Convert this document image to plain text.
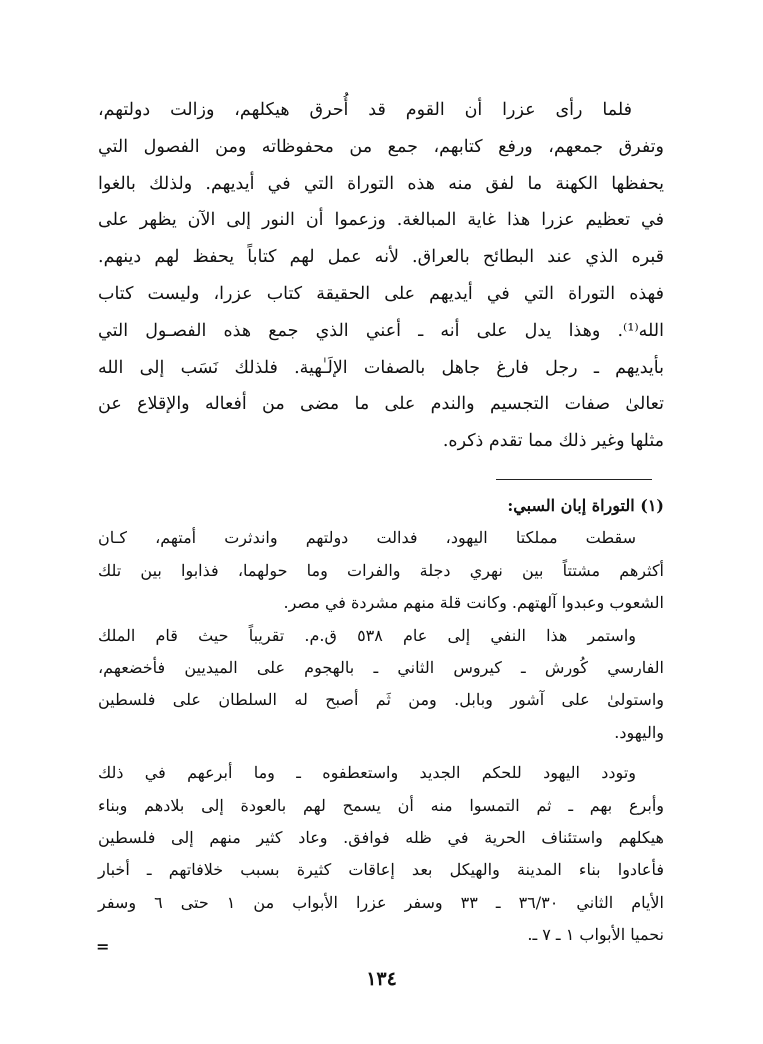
فلما رأى عزرا أن القوم قد أُحرق هيكلهم، وزالت دولتهم،
وتفرق جمعهم، ورفع كتابهم، جمع من محفوظاته ومن الفصول التي
يحفظها الكهنة ما لفق منه هذه التوراة التي في أيديهم. ولذلك بالغوا
في تعظيم عزرا هذا غاية المبالغة. وزعموا أن النور إلى الآن يظهر على
قبره الذي عند البطائح بالعراق. لأنه عمل لهم كتاباً يحفظ لهم دينهم.
فهذه التوراة التي في أيديهم على الحقيقة كتاب عزرا، وليست كتاب
الله⁽¹⁾. وهذا يدل على أنه ـ أعني الذي جمع هذه الفصـول التي
بأيديهم ـ رجل فارغ جاهل بالصفات الإلَـٰهية. فلذلك نَسَب إلى الله
تعالىٰ صفات التجسيم والندم على ما مضى من أفعاله والإقلاع عن
مثلها وغير ذلك مما تقدم ذكره.
(١) التوراة إبان السبي:
سقطت مملكتا اليهود، فدالت دولتهم واندثرت أمتهم، كـان
أكثرهم مشتتاً بين نهري دجلة والفرات وما حولهما، فذابوا بين تلك
الشعوب وعبدوا آلهتهم. وكانت قلة منهم مشردة في مصر.
واستمر هذا النفي إلى عام ٥٣٨ ق.م. تقريباً حيث قام الملك
الفارسي كُورش ـ كيروس الثاني ـ بالهجوم على الميديين فأخضعهم،
واستولىٰ على آشور وبابل. ومن ثَم أصبح له السلطان على فلسطين
واليهود.
وتودد اليهود للحكم الجديد واستعطفوه ـ وما أبرعهم في ذلك
وأبرع بهم ـ ثم التمسوا منه أن يسمح لهم بالعودة إلى بلادهم وبناء
هيكلهم واستئناف الحرية في ظله فوافق. وعاد كثير منهم إلى فلسطين
فأعادوا بناء المدينة والهيكل بعد إعاقات كثيرة بسبب خلافاتهم ـ أخبار
الأيام الثاني ٣٦/٣٠ ـ ٣٣ وسفر عزرا الأبواب من ١ حتى ٦ وسفر
نحميا الأبواب ١ ـ ٧ ـ.
=
١٣٤
